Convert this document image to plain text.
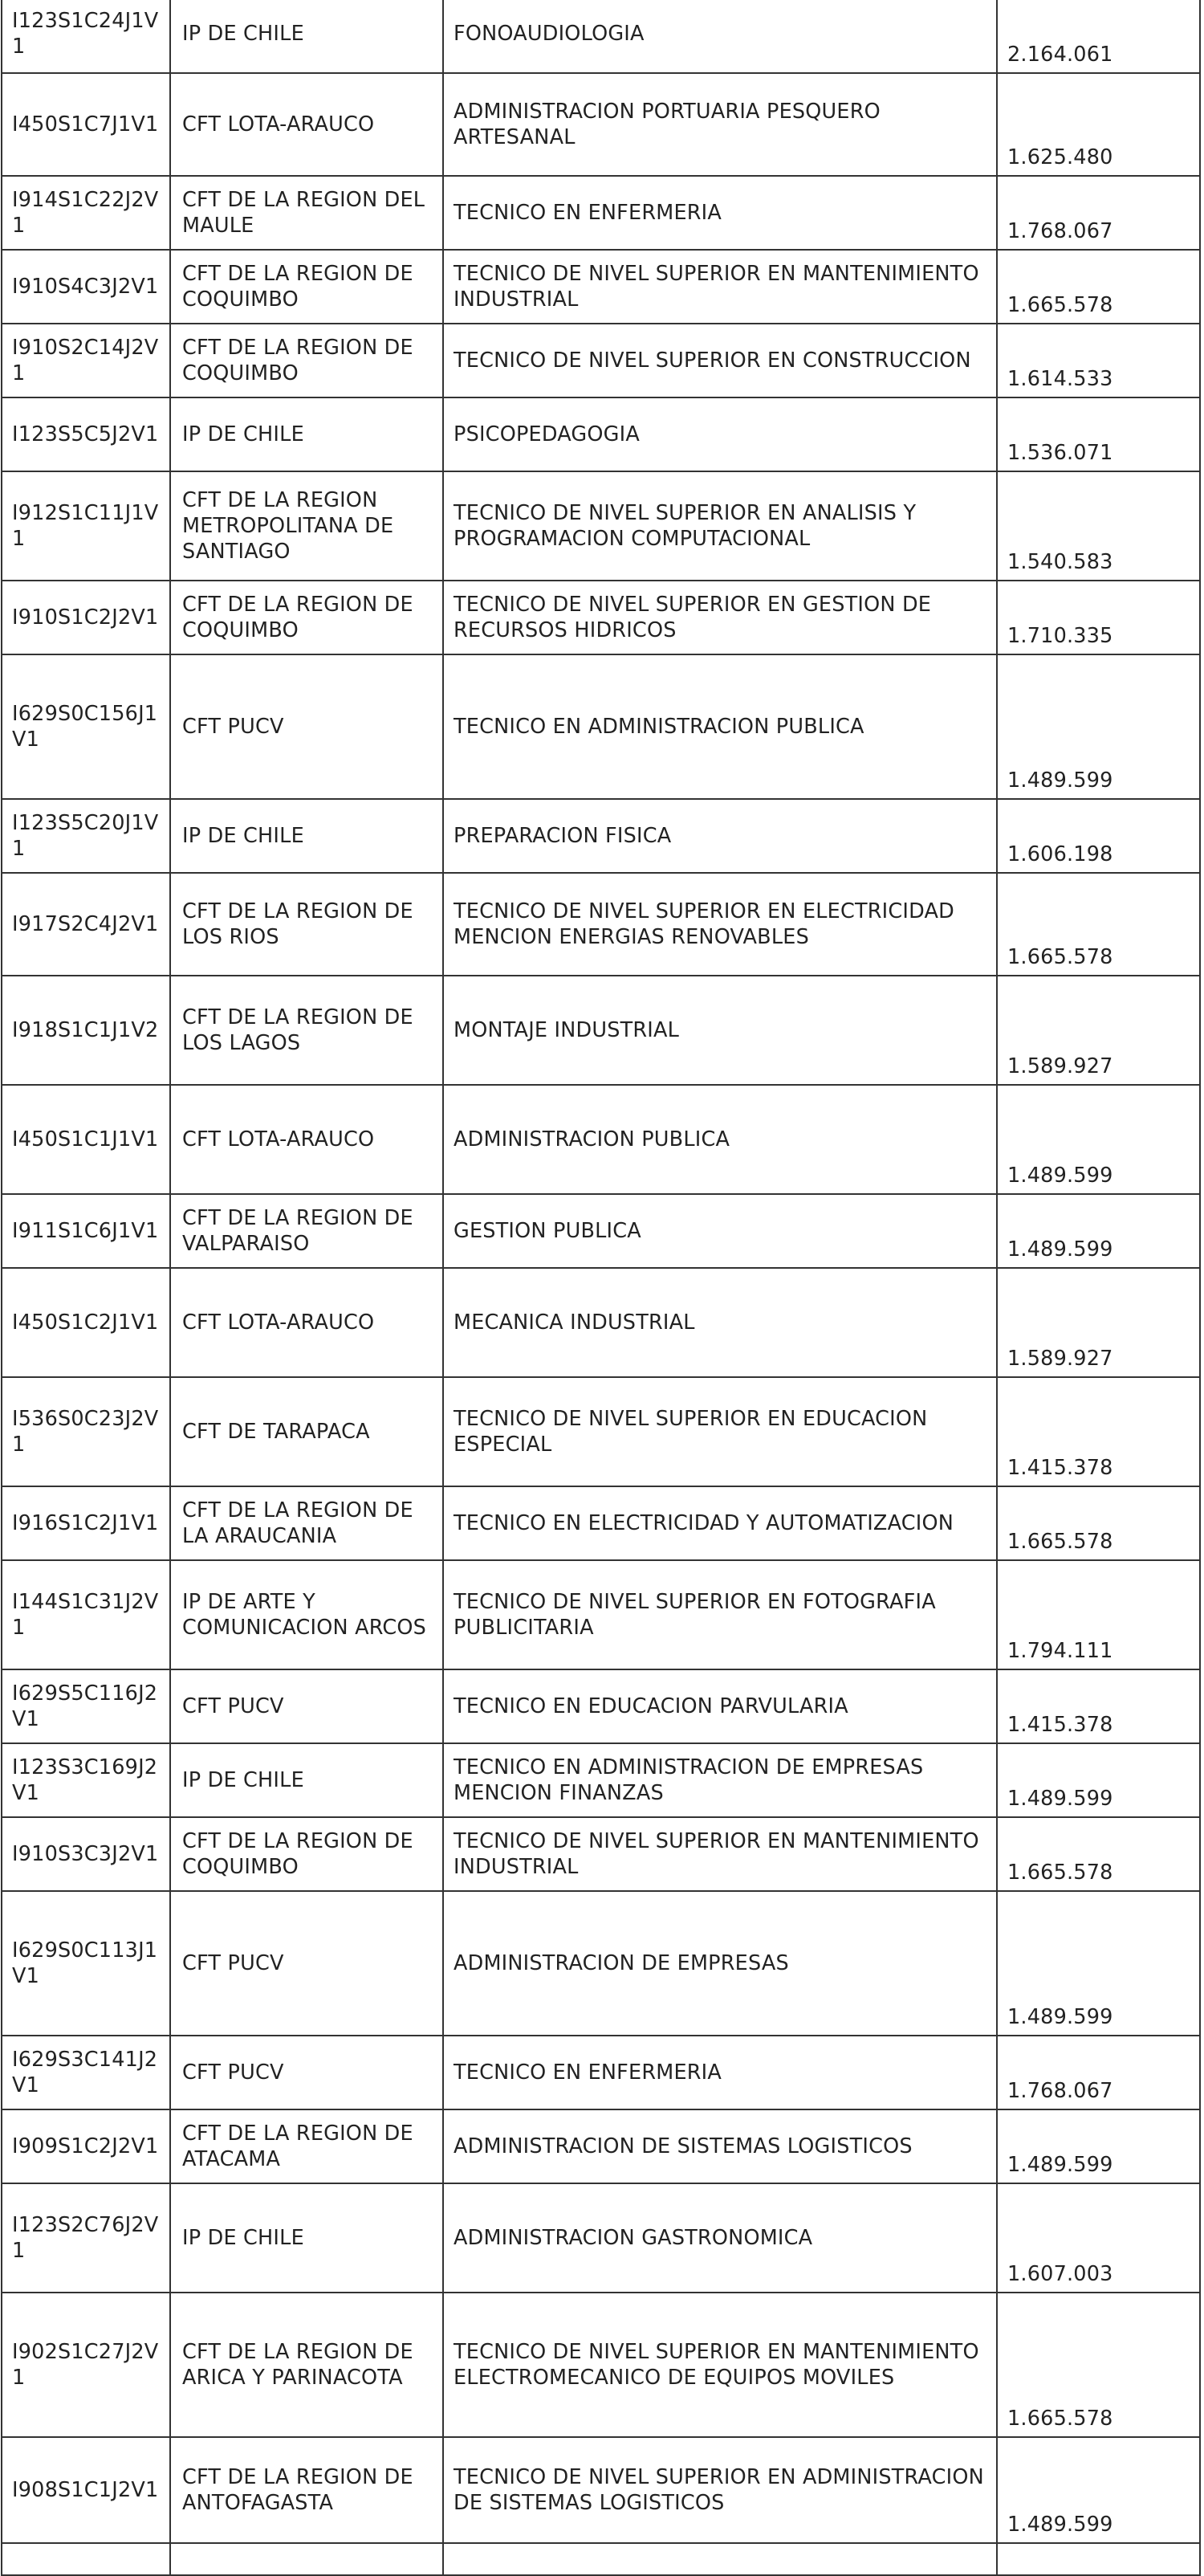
I123S1C24J1V1	IP DE CHILE	FONOAUDIOLOGIA	2.164.061
I450S1C7J1V1	CFT LOTA-ARAUCO	ADMINISTRACION PORTUARIA PESQUERO ARTESANAL	1.625.480
I914S1C22J2V1	CFT DE LA REGION DEL MAULE	TECNICO EN ENFERMERIA	1.768.067
I910S4C3J2V1	CFT DE LA REGION DE COQUIMBO	TECNICO DE NIVEL SUPERIOR EN MANTENIMIENTO INDUSTRIAL	1.665.578
I910S2C14J2V1	CFT DE LA REGION DE COQUIMBO	TECNICO DE NIVEL SUPERIOR EN CONSTRUCCION	1.614.533
I123S5C5J2V1	IP DE CHILE	PSICOPEDAGOGIA	1.536.071
I912S1C11J1V1	CFT DE LA REGION METROPOLITANA DE SANTIAGO	TECNICO DE NIVEL SUPERIOR EN ANALISIS Y PROGRAMACION COMPUTACIONAL	1.540.583
I910S1C2J2V1	CFT DE LA REGION DE COQUIMBO	TECNICO DE NIVEL SUPERIOR EN GESTION DE RECURSOS HIDRICOS	1.710.335
I629S0C156J1V1	CFT PUCV	TECNICO EN ADMINISTRACION PUBLICA	1.489.599
I123S5C20J1V1	IP DE CHILE	PREPARACION FISICA	1.606.198
I917S2C4J2V1	CFT DE LA REGION DE LOS RIOS	TECNICO DE NIVEL SUPERIOR EN ELECTRICIDAD MENCION ENERGIAS RENOVABLES	1.665.578
I918S1C1J1V2	CFT DE LA REGION DE LOS LAGOS	MONTAJE INDUSTRIAL	1.589.927
I450S1C1J1V1	CFT LOTA-ARAUCO	ADMINISTRACION PUBLICA	1.489.599
I911S1C6J1V1	CFT DE LA REGION DE VALPARAISO	GESTION PUBLICA	1.489.599
I450S1C2J1V1	CFT LOTA-ARAUCO	MECANICA INDUSTRIAL	1.589.927
I536S0C23J2V1	CFT DE TARAPACA	TECNICO DE NIVEL SUPERIOR EN EDUCACION ESPECIAL	1.415.378
I916S1C2J1V1	CFT DE LA REGION DE LA ARAUCANIA	TECNICO EN ELECTRICIDAD Y AUTOMATIZACION	1.665.578
I144S1C31J2V1	IP DE ARTE Y COMUNICACION ARCOS	TECNICO DE NIVEL SUPERIOR EN FOTOGRAFIA PUBLICITARIA	1.794.111
I629S5C116J2V1	CFT PUCV	TECNICO EN EDUCACION PARVULARIA	1.415.378
I123S3C169J2V1	IP DE CHILE	TECNICO EN ADMINISTRACION DE EMPRESAS MENCION FINANZAS	1.489.599
I910S3C3J2V1	CFT DE LA REGION DE COQUIMBO	TECNICO DE NIVEL SUPERIOR EN MANTENIMIENTO INDUSTRIAL	1.665.578
I629S0C113J1V1	CFT PUCV	ADMINISTRACION DE EMPRESAS	1.489.599
I629S3C141J2V1	CFT PUCV	TECNICO EN ENFERMERIA	1.768.067
I909S1C2J2V1	CFT DE LA REGION DE ATACAMA	ADMINISTRACION DE SISTEMAS LOGISTICOS	1.489.599
I123S2C76J2V1	IP DE CHILE	ADMINISTRACION GASTRONOMICA	1.607.003
I902S1C27J2V1	CFT DE LA REGION DE ARICA Y PARINACOTA	TECNICO DE NIVEL SUPERIOR EN MANTENIMIENTO ELECTROMECANICO DE EQUIPOS MOVILES	1.665.578
I908S1C1J2V1	CFT DE LA REGION DE ANTOFAGASTA	TECNICO DE NIVEL SUPERIOR EN ADMINISTRACION DE SISTEMAS LOGISTICOS	1.489.599
